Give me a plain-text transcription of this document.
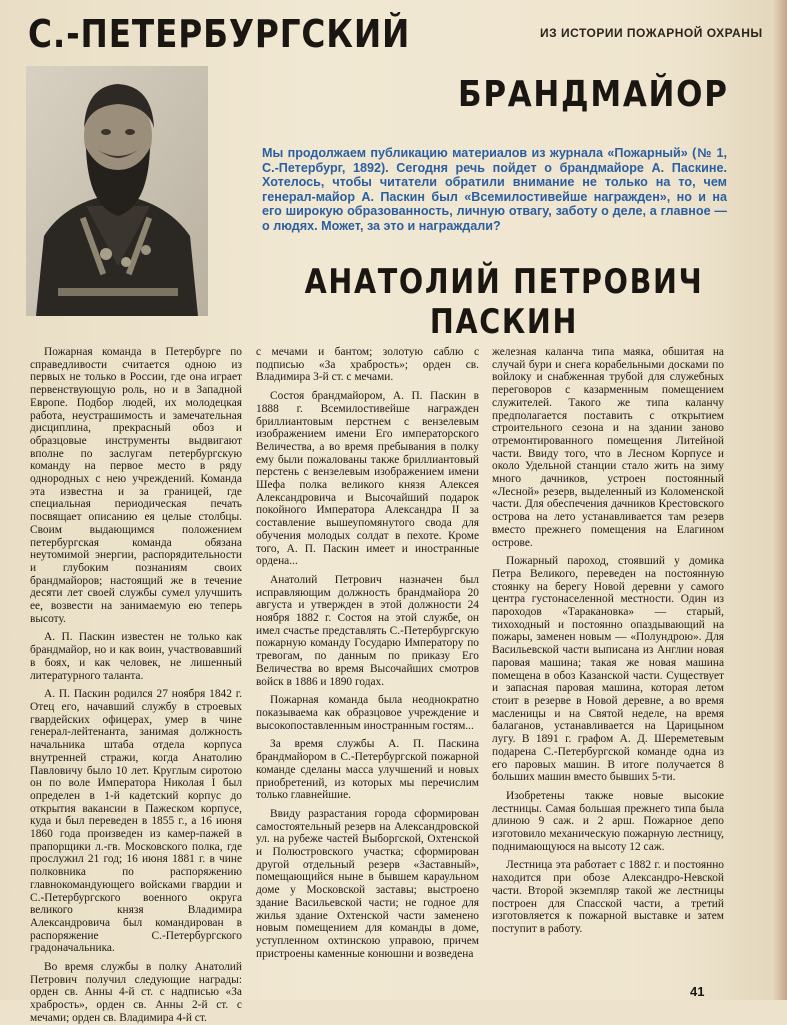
С.-ПЕТЕРБУРГСКИЙ	ИЗ ИСТОРИИ ПОЖАРНОЙ ОХРАНЫ
БРАНДМАЙОР
Мы продолжаем публикацию материалов из журнала «Пожарный» (№ 1, С.-Петербург, 1892). Сегодня речь пойдет о брандмайоре А. Паскине. Хотелось, чтобы читатели обратили внимание не только на то, чем генерал-майор А. Паскин был «Всемилостивейше награжден», но и на его широкую образованность, личную отвагу, заботу о деле, а главное — о людях. Может, за это и награждали?
АНАТОЛИЙ ПЕТРОВИЧ
ПАСКИН

Пожарная команда в Петербурге по справедливости считается одною из первых не только в России, где она играет первенствующую роль, но и в Западной Европе. Подбор людей, их молодецкая работа, неустрашимость и замечательная дисциплина, прекрасный обоз и образцовые инструменты выдвигают вполне по заслугам петербургскую команду на первое место в ряду однородных с нею учреждений. Команда эта известна и за границей, где специальная периодическая печать посвящает описанию ея целые столбцы. Своим выдающимся положением петербургская команда обязана неутомимой энергии, распорядительности и глубоким познаниям своих брандмайоров; настоящий же в течение десяти лет своей службы сумел улучшить ее, возвести на занимаемую ею теперь высоту.

А. П. Паскин известен не только как брандмайор, но и как воин, участвовавший в боях, и как человек, не лишенный литературного таланта.

А. П. Паскин родился 27 ноября 1842 г. Отец его, начавший службу в строевых гвардейских офицерах, умер в чине генерал-лейтенанта, занимая должность начальника штаба отдела корпуса внутренней стражи, когда Анатолию Павловичу было 10 лет. Круглым сиротою он по воле Императора Николая I был определен в 1-й кадетский корпус до открытия вакансии в Пажеском корпусе, куда и был переведен в 1855 г., а 16 июня 1860 года произведен из камер-пажей в прапорщики л.-гв. Московского полка, где прослужил 21 год; 16 июня 1881 г. в чине полковника по распоряжению главнокомандующего войсками гвардии и С.-Петербургского военного округа великого князя Владимира Александровича был командирован в распоряжение С.-Петербургского градоначальника.

Во время службы в полку Анатолий Петрович получил следующие награды: орден св. Анны 4-й ст. с надписью «За храбрость», орден св. Анны 2-й ст. с мечами; орден св. Владимира 4-й ст.

с мечами и бантом; золотую саблю с подписью «За храбрость»; орден св. Владимира 3-й ст. с мечами.

Состоя брандмайором, А. П. Паскин в 1888 г. Всемилостивейше награжден бриллиантовым перстнем с вензелевым изображением имени Его императорского Величества, а во время пребывания в полку ему были пожалованы также бриллиантовый перстень с вензелевым изображением имени Шефа полка великого князя Алексея Александровича и Высочайший подарок покойного Императора Александра II за составление вышеупомянутого свода для обучения молодых солдат в пехоте. Кроме того, А. П. Паскин имеет и иностранные ордена...

Анатолий Петрович назначен был исправляющим должность брандмайора 20 августа и утвержден в этой должности 24 ноября 1882 г. Состоя на этой службе, он имел счастье представлять С.-Петербургскую пожарную команду Государю Императору по тревогам, по данным по приказу Его Величества во время Высочайших смотров войск в 1886 и 1890 годах.

Пожарная команда была неоднократно показываема как образцовое учреждение и высокопоставленным иностранным гостям...

За время службы А. П. Паскина брандмайором в С.-Петербургской пожарной команде сделаны масса улучшений и новых приобретений, из которых мы перечислим только главнейшие.

Ввиду разрастания города сформирован самостоятельный резерв на Александровской ул. на рубеже частей Выборгской, Охтенской и Полюстровского участка; сформирован другой отдельный резерв «Заставный», помещающийся ныне в бывшем караульном доме у Московской заставы; выстроено здание Васильевской части; не годное для жилья здание Охтенской части заменено новым помещением для команды в доме, уступленном охтинскою управою, причем пристроены каменные конюшни и возведена

железная каланча типа маяка, обшитая на случай бури и снега корабельными досками по войлоку и снабженная трубой для служебных переговоров с казарменным помещением служителей. Такого же типа каланчу предполагается поставить с открытием строительного сезона и на здании заново отремонтированного помещения Литейной части. Ввиду того, что в Лесном Корпусе и около Удельной станции стало жить на зиму много дачников, устроен постоянный «Лесной» резерв, выделенный из Коломенской части. Для обеспечения дачников Крестовского острова на лето устанавливается там резерв вместо прежнего помещения на Елагином острове.

Пожарный пароход, стоявший у домика Петра Великого, переведен на постоянную стоянку на берегу Новой деревни у самого центра густонаселенной местности. Один из пароходов «Таракановка» — старый, тихоходный и постоянно опаздывающий на пожары, заменен новым — «Полундрою». Для Васильевской части выписана из Англии новая паровая машина; такая же новая машина помещена в обоз Казанской части. Существует и запасная паровая машина, которая летом стоит в резерве в Новой деревне, а во время масленицы и на Святой неделе, на время балаганов, устанавливается на Царицыном лугу. В 1891 г. графом А. Д. Шереметевым подарена С.-Петербургской команде одна из его паровых машин. В итоге получается 8 больших машин вместо бывших 5-ти.

Изобретены также новые высокие лестницы. Самая большая прежнего типа была длиною 9 саж. и 2 арш. Пожарное депо изготовило механическую пожарную лестницу, поднимающуюся на высоту 12 саж.

Лестница эта работает с 1882 г. и постоянно находится при обозе Александро-Невской части. Второй экземпляр такой же лестницы построен для Спасской части, а третий изготовляется к пожарной выставке и затем поступит в работу.

41
